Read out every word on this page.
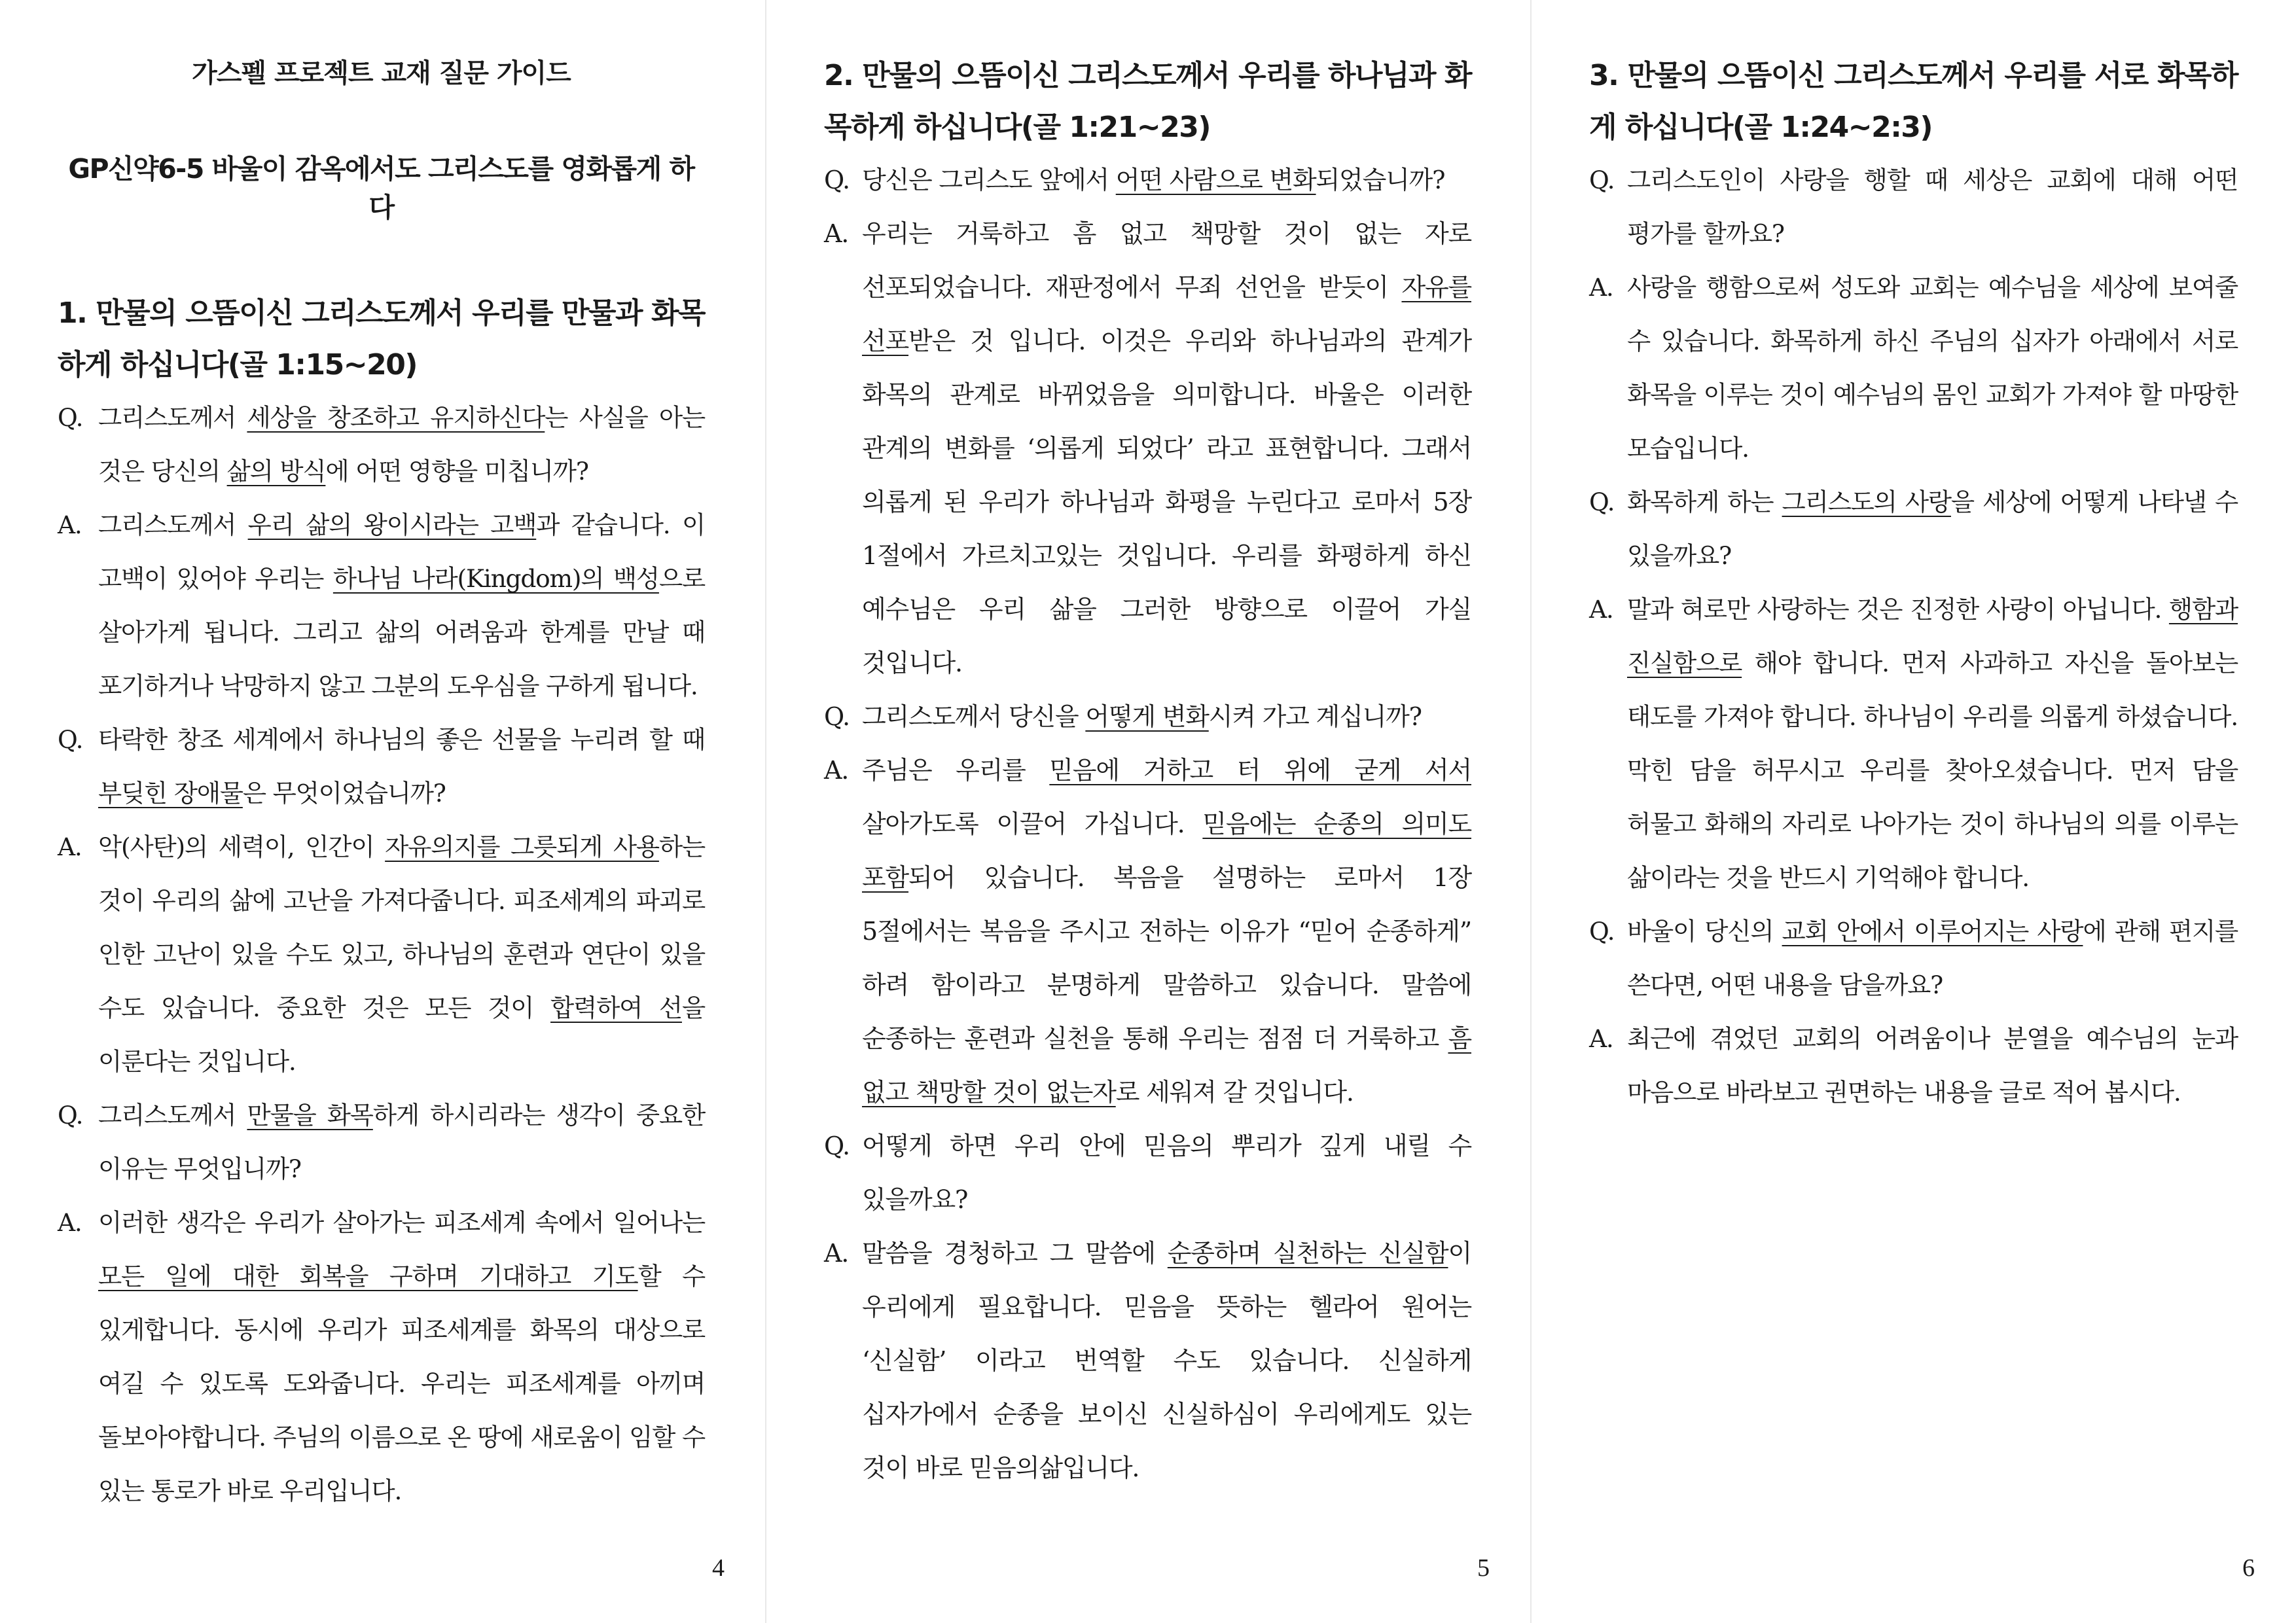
가스펠 프로젝트 교재 질문 가이드
GP신약6-5 바울이 감옥에서도 그리스도를 영화롭게 하다
1. 만물의 으뜸이신 그리스도께서 우리를 만물과 화목하게 하십니다(골 1:15~20)
Q. 그리스도께서 세상을 창조하고 유지하신다는 사실을 아는 것은 당신의 삶의 방식에 어떤 영향을 미칩니까?
A. 그리스도께서 우리 삶의 왕이시라는 고백과 같습니다. 이 고백이 있어야 우리는 하나님 나라(Kingdom)의 백성으로 살아가게 됩니다. 그리고 삶의 어려움과 한계를 만날 때 포기하거나 낙망하지 않고 그분의 도우심을 구하게 됩니다.
Q. 타락한 창조 세계에서 하나님의 좋은 선물을 누리려 할 때 부딪힌 장애물은 무엇이었습니까?
A. 악(사탄)의 세력이, 인간이 자유의지를 그릇되게 사용하는 것이 우리의 삶에 고난을 가져다줍니다. 피조세계의 파괴로 인한 고난이 있을 수도 있고, 하나님의 훈련과 연단이 있을 수도 있습니다. 중요한 것은 모든 것이 합력하여 선을 이룬다는 것입니다.
Q. 그리스도께서 만물을 화목하게 하시리라는 생각이 중요한 이유는 무엇입니까?
A. 이러한 생각은 우리가 살아가는 피조세계 속에서 일어나는 모든 일에 대한 회복을 구하며 기대하고 기도할 수 있게합니다. 동시에 우리가 피조세계를 화목의 대상으로 여길 수 있도록 도와줍니다. 우리는 피조세계를 아끼며 돌보아야합니다. 주님의 이름으로 온 땅에 새로움이 임할 수 있는 통로가 바로 우리입니다.
4
2. 만물의 으뜸이신 그리스도께서 우리를 하나님과 화목하게 하십니다(골 1:21~23)
Q. 당신은 그리스도 앞에서 어떤 사람으로 변화되었습니까?
A. 우리는 거룩하고 흠 없고 책망할 것이 없는 자로 선포되었습니다. 재판정에서 무죄 선언을 받듯이 자유를 선포받은 것 입니다. 이것은 우리와 하나님과의 관계가 화목의 관계로 바뀌었음을 의미합니다. 바울은 이러한 관계의 변화를 ‘의롭게 되었다’ 라고 표현합니다. 그래서 의롭게 된 우리가 하나님과 화평을 누린다고 로마서 5장 1절에서 가르치고있는 것입니다. 우리를 화평하게 하신 예수님은 우리 삶을 그러한 방향으로 이끌어 가실 것입니다.
Q. 그리스도께서 당신을 어떻게 변화시켜 가고 계십니까?
A. 주님은 우리를 믿음에 거하고 터 위에 굳게 서서 살아가도록 이끌어 가십니다. 믿음에는 순종의 의미도 포함되어 있습니다. 복음을 설명하는 로마서 1장 5절에서는 복음을 주시고 전하는 이유가 “믿어 순종하게” 하려 함이라고 분명하게 말씀하고 있습니다. 말씀에 순종하는 훈련과 실천을 통해 우리는 점점 더 거룩하고 흠 없고 책망할 것이 없는자로 세워져 갈 것입니다.
Q. 어떻게 하면 우리 안에 믿음의 뿌리가 깊게 내릴 수 있을까요?
A. 말씀을 경청하고 그 말씀에 순종하며 실천하는 신실함이 우리에게 필요합니다. 믿음을 뜻하는 헬라어 원어는 ‘신실함’ 이라고 번역할 수도 있습니다. 신실하게 십자가에서 순종을 보이신 신실하심이 우리에게도 있는 것이 바로 믿음의삶입니다.
5
3. 만물의 으뜸이신 그리스도께서 우리를 서로 화목하게 하십니다(골 1:24~2:3)
Q. 그리스도인이 사랑을 행할 때 세상은 교회에 대해 어떤 평가를 할까요?
A. 사랑을 행함으로써 성도와 교회는 예수님을 세상에 보여줄 수 있습니다. 화목하게 하신 주님의 십자가 아래에서 서로 화목을 이루는 것이 예수님의 몸인 교회가 가져야 할 마땅한 모습입니다.
Q. 화목하게 하는 그리스도의 사랑을 세상에 어떻게 나타낼 수 있을까요?
A. 말과 혀로만 사랑하는 것은 진정한 사랑이 아닙니다. 행함과 진실함으로 해야 합니다. 먼저 사과하고 자신을 돌아보는 태도를 가져야 합니다. 하나님이 우리를 의롭게 하셨습니다. 막힌 담을 허무시고 우리를 찾아오셨습니다. 먼저 담을 허물고 화해의 자리로 나아가는 것이 하나님의 의를 이루는 삶이라는 것을 반드시 기억해야 합니다.
Q. 바울이 당신의 교회 안에서 이루어지는 사랑에 관해 편지를 쓴다면, 어떤 내용을 담을까요?
A. 최근에 겪었던 교회의 어려움이나 분열을 예수님의 눈과 마음으로 바라보고 권면하는 내용을 글로 적어 봅시다.
6
